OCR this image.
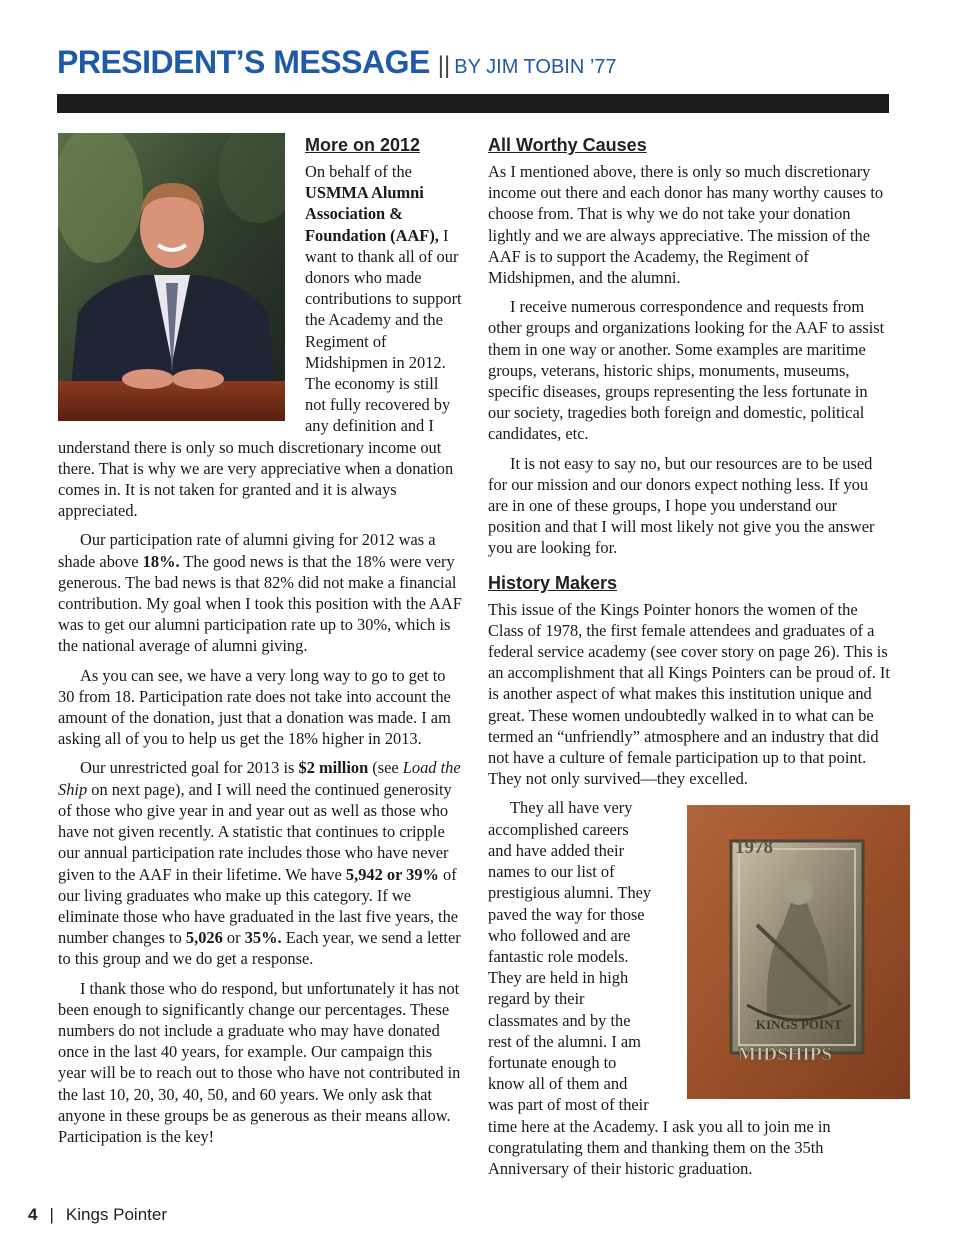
PRESIDENT’S MESSAGE || BY JIM TOBIN ’77
More on 2012

On behalf of the USMMA Alumni Association & Foundation (AAF), I want to thank all of our donors who made contributions to support the Academy and the Regiment of Midshipmen in 2012. The economy is still not fully recovered by any definition and I understand there is only so much discretionary income out there. That is why we are very appreciative when a donation comes in. It is not taken for granted and it is always appreciated.

Our participation rate of alumni giving for 2012 was a shade above 18%. The good news is that the 18% were very generous. The bad news is that 82% did not make a financial contribution. My goal when I took this position with the AAF was to get our alumni participation rate up to 30%, which is the national average of alumni giving.

As you can see, we have a very long way to go to get to 30 from 18. Participation rate does not take into account the amount of the donation, just that a donation was made. I am asking all of you to help us get the 18% higher in 2013.

Our unrestricted goal for 2013 is $2 million (see Load the Ship on next page), and I will need the continued generosity of those who give year in and year out as well as those who have not given recently. A statistic that continues to cripple our annual participation rate includes those who have never given to the AAF in their lifetime. We have 5,942 or 39% of our living graduates who make up this category. If we eliminate those who have graduated in the last five years, the number changes to 5,026 or 35%. Each year, we send a letter to this group and we do get a response.

I thank those who do respond, but unfortunately it has not been enough to significantly change our percentages. These numbers do not include a graduate who may have donated once in the last 40 years, for example. Our campaign this year will be to reach out to those who have not contributed in the last 10, 20, 30, 40, 50, and 60 years. We only ask that anyone in these groups be as generous as their means allow. Participation is the key!

All Worthy Causes

As I mentioned above, there is only so much discretionary income out there and each donor has many worthy causes to choose from. That is why we do not take your donation lightly and we are always appreciative. The mission of the AAF is to support the Academy, the Regiment of Midshipmen, and the alumni.

I receive numerous correspondence and requests from other groups and organizations looking for the AAF to assist them in one way or another. Some examples are maritime groups, veterans, historic ships, monuments, museums, specific diseases, groups representing the less fortunate in our society, tragedies both foreign and domestic, political candidates, etc.

It is not easy to say no, but our resources are to be used for our mission and our donors expect nothing less. If you are in one of these groups, I hope you understand our position and that I will most likely not give you the answer you are looking for.

History Makers

This issue of the Kings Pointer honors the women of the Class of 1978, the first female attendees and graduates of a federal service academy (see cover story on page 26). This is an accomplishment that all Kings Pointers can be proud of. It is another aspect of what makes this institution unique and great. These women undoubtedly walked in to what can be termed an “unfriendly” atmosphere and an industry that did not have a culture of female participation up to that point. They not only survived—they excelled.

1978
KINGS POINT
MIDSHIPS
They all have very accomplished careers and have added their names to our list of prestigious alumni. They paved the way for those who followed and are fantastic role models. They are held in high regard by their classmates and by the rest of the alumni. I am fortunate enough to know all of them and was part of most of their time here at the Academy. I ask you all to join me in congratulating them and thanking them on the 35th Anniversary of their historic graduation.

4 | Kings Pointer
